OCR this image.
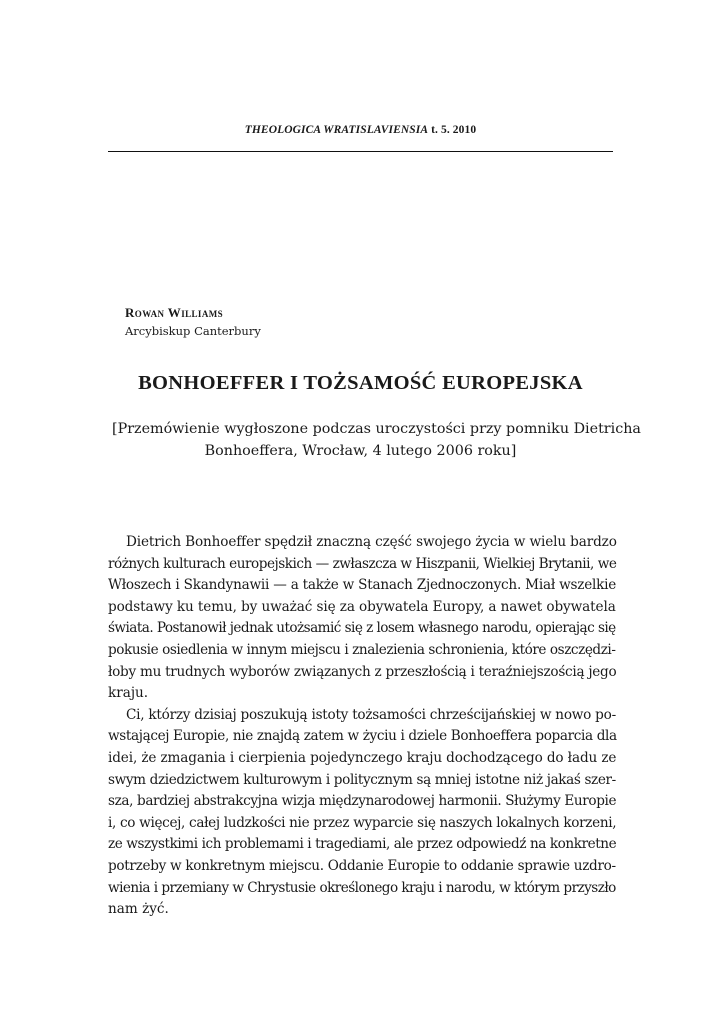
THEOLOGICA WRATISLAVIENSIA t. 5. 2010
Rowan Williams
Arcybiskup Canterbury
BONHOEFFER I TOŻSAMOŚĆ EUROPEJSKA
[Przemówienie wygłoszone podczas uroczystości przy pomniku Dietricha
Bonhoeffera, Wrocław, 4 lutego 2006 roku]

Dietrich Bonhoeffer spędził znaczną część swojego życia w wielu bardzo
różnych kulturach europejskich — zwłaszcza w Hiszpanii, Wielkiej Brytanii, we
Włoszech i Skandynawii — a także w Stanach Zjednoczonych. Miał wszelkie
podstawy ku temu, by uważać się za obywatela Europy, a nawet obywatela
świata. Postanowił jednak utożsamić się z losem własnego narodu, opierając się
pokusie osiedlenia w innym miejscu i znalezienia schronienia, które oszczędzi-
łoby mu trudnych wyborów związanych z przeszłością i teraźniejszością jego
kraju.

Ci, którzy dzisiaj poszukują istoty tożsamości chrześcijańskiej w nowo po-
wstającej Europie, nie znajdą zatem w życiu i dziele Bonhoeffera poparcia dla
idei, że zmagania i cierpienia pojedynczego kraju dochodzącego do ładu ze
swym dziedzictwem kulturowym i politycznym są mniej istotne niż jakaś szer-
sza, bardziej abstrakcyjna wizja międzynarodowej harmonii. Służymy Europie
i, co więcej, całej ludzkości nie przez wyparcie się naszych lokalnych korzeni,
ze wszystkimi ich problemami i tragediami, ale przez odpowiedź na konkretne
potrzeby w konkretnym miejscu. Oddanie Europie to oddanie sprawie uzdro-
wienia i przemiany w Chrystusie określonego kraju i narodu, w którym przyszło
nam żyć.
